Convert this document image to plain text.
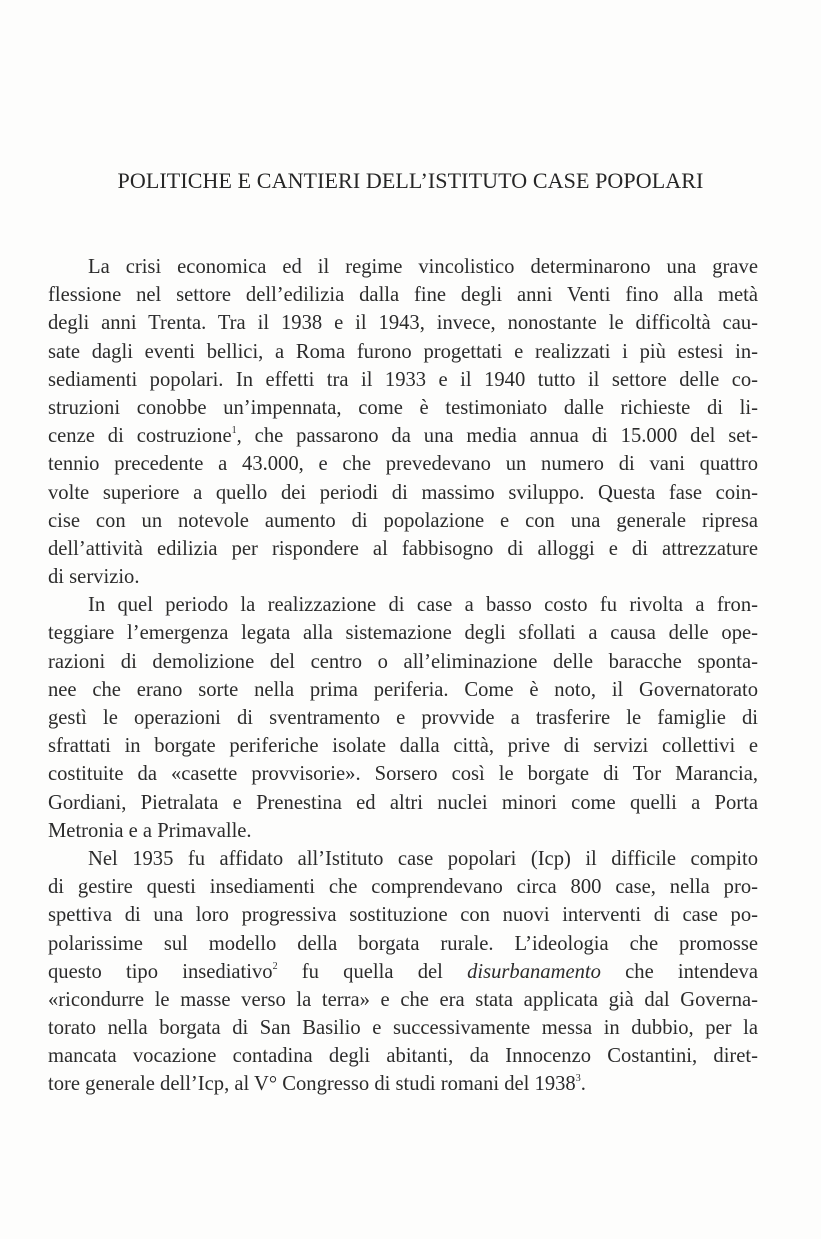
POLITICHE E CANTIERI DELL’ISTITUTO CASE POPOLARI
La crisi economica ed il regime vincolistico determinarono una grave
flessione nel settore dell’edilizia dalla fine degli anni Venti fino alla metà
degli anni Trenta. Tra il 1938 e il 1943, invece, nonostante le difficoltà cau-
sate dagli eventi bellici, a Roma furono progettati e realizzati i più estesi in-
sediamenti popolari. In effetti tra il 1933 e il 1940 tutto il settore delle co-
struzioni conobbe un’impennata, come è testimoniato dalle richieste di li-
cenze di costruzione$^1$, che passarono da una media annua di 15.000 del set-
tennio precedente a 43.000, e che prevedevano un numero di vani quattro
volte superiore a quello dei periodi di massimo sviluppo. Questa fase coin-
cise con un notevole aumento di popolazione e con una generale ripresa
dell’attività edilizia per rispondere al fabbisogno di alloggi e di attrezzature
di servizio.
In quel periodo la realizzazione di case a basso costo fu rivolta a fron-
teggiare l’emergenza legata alla sistemazione degli sfollati a causa delle ope-
razioni di demolizione del centro o all’eliminazione delle baracche sponta-
nee che erano sorte nella prima periferia. Come è noto, il Governatorato
gestì le operazioni di sventramento e provvide a trasferire le famiglie di
sfrattati in borgate periferiche isolate dalla città, prive di servizi collettivi e
costituite da «casette provvisorie». Sorsero così le borgate di Tor Marancia,
Gordiani, Pietralata e Prenestina ed altri nuclei minori come quelli a Porta
Metronia e a Primavalle.
Nel 1935 fu affidato all’Istituto case popolari (Icp) il difficile compito
di gestire questi insediamenti che comprendevano circa 800 case, nella pro-
spettiva di una loro progressiva sostituzione con nuovi interventi di case po-
polarissime sul modello della borgata rurale. L’ideologia che promosse
questo tipo insediativo$^2$ fu quella del disurbanamento che intendeva
«ricondurre le masse verso la terra» e che era stata applicata già dal Governa-
torato nella borgata di San Basilio e successivamente messa in dubbio, per la
mancata vocazione contadina degli abitanti, da Innocenzo Costantini, diret-
tore generale dell’Icp, al V° Congresso di studi romani del 1938$^3$.
